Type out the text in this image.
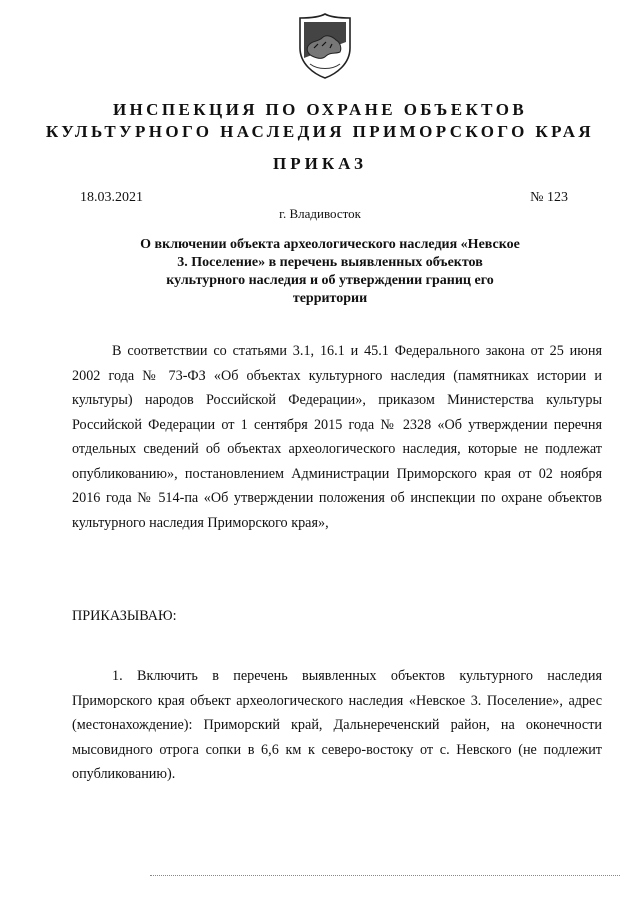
ИНСПЕКЦИЯ ПО ОХРАНЕ ОБЪЕКТОВ
КУЛЬТУРНОГО НАСЛЕДИЯ ПРИМОРСКОГО КРАЯ
ПРИКАЗ
18.03.2021	№ 123
г. Владивосток
О включении объекта археологического наследия «Невское 3. Поселение» в перечень выявленных объектов культурного наследия и об утверждении границ его территории
В соответствии со статьями 3.1, 16.1 и 45.1 Федерального закона от 25 июня 2002 года № 73-ФЗ «Об объектах культурного наследия (памятниках истории и культуры) народов Российской Федерации», приказом Министерства культуры Российской Федерации от 1 сентября 2015 года № 2328 «Об утверждении перечня отдельных сведений об объектах археологического наследия, которые не подлежат опубликованию», постановлением Администрации Приморского края от 02 ноября 2016 года № 514-па «Об утверждении положения об инспекции по охране объектов культурного наследия Приморского края»,
ПРИКАЗЫВАЮ:
1. Включить в перечень выявленных объектов культурного наследия Приморского края объект археологического наследия «Невское 3. Поселение», адрес (местонахождение): Приморский край, Дальнереченский район, на оконечности мысовидного отрога сопки в 6,6 км к северо-востоку от с. Невского (не подлежит опубликованию).
